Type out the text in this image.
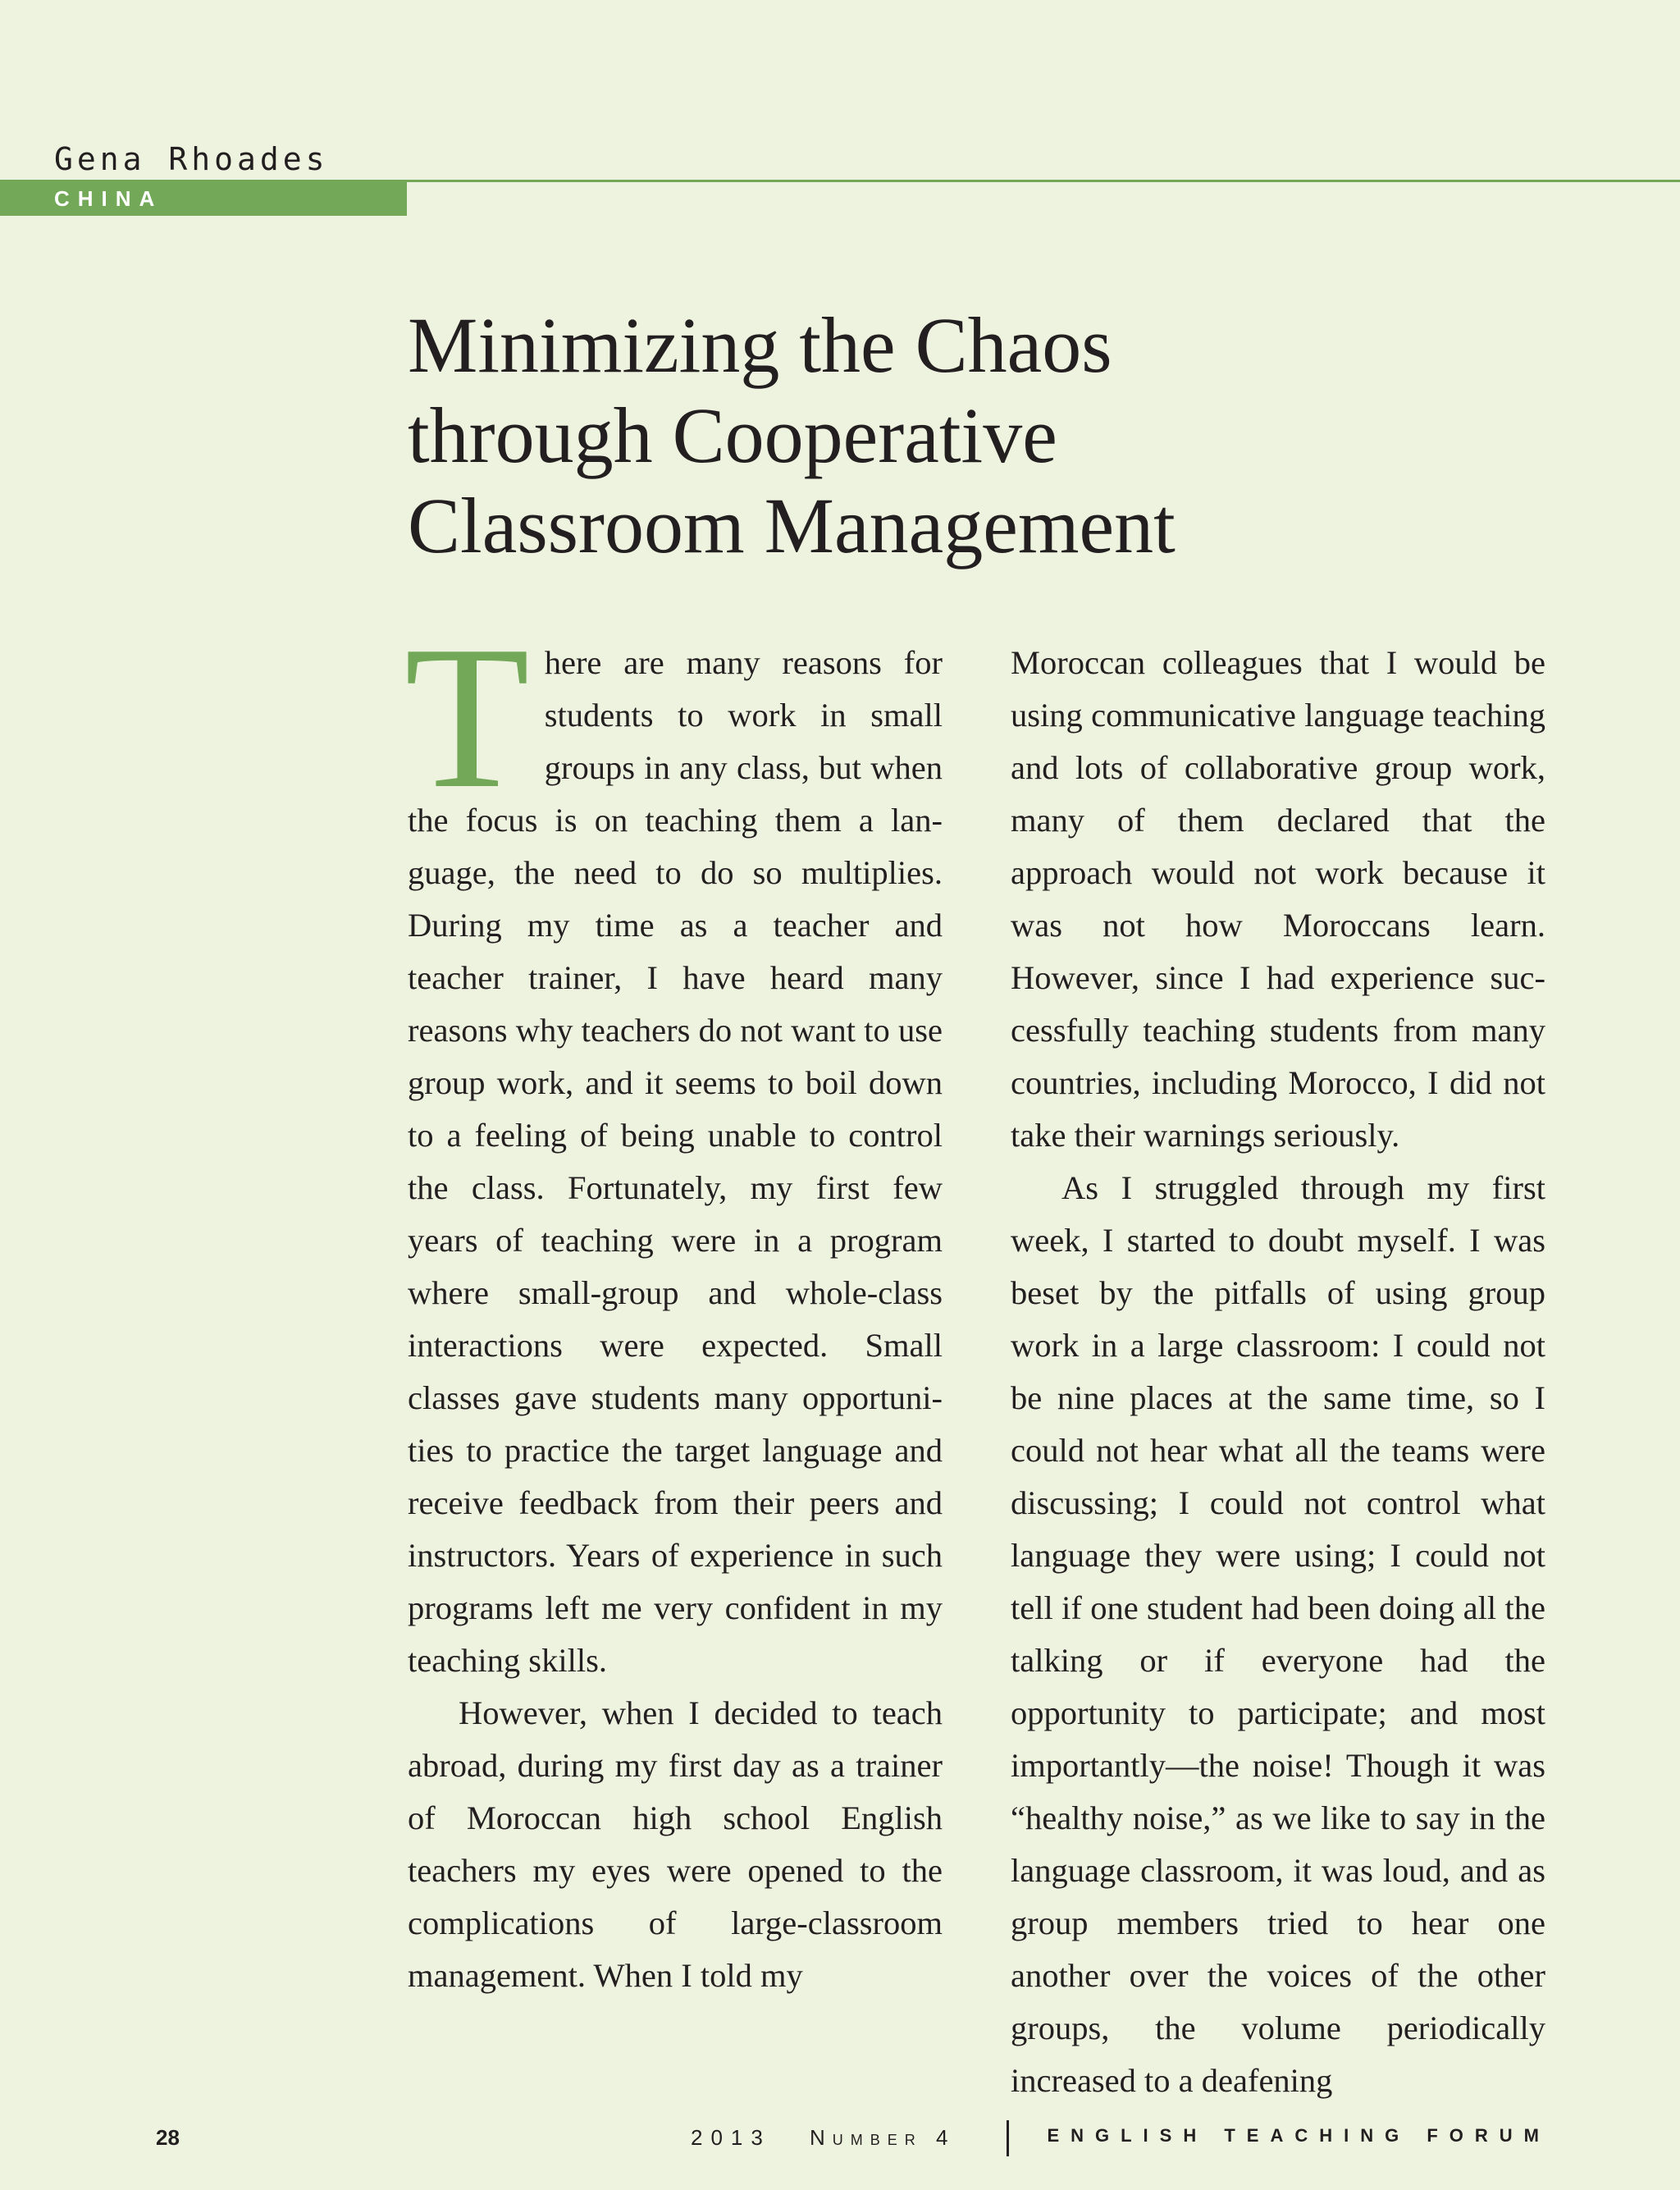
Gena Rhoades
CHINA
Minimizing the Chaos
through Cooperative
Classroom Management

There are many reasons for students to work in small groups in any class, but when the focus is on teaching them a language, the need to do so multiplies. During my time as a teacher and teacher trainer, I have heard many reasons why teachers do not want to use group work, and it seems to boil down to a feeling of being unable to control the class. Fortunately, my first few years of teaching were in a program where small-group and whole-class interactions were expected. Small classes gave students many opportunities to practice the target language and receive feedback from their peers and instructors. Years of experience in such programs left me very confident in my teaching skills.

However, when I decided to teach abroad, during my first day as a trainer of Moroccan high school English teachers my eyes were opened to the complications of large-classroom management. When I told my

Moroccan colleagues that I would be using communicative language teaching and lots of collaborative group work, many of them declared that the approach would not work because it was not how Moroccans learn. However, since I had experience successfully teaching students from many countries, including Morocco, I did not take their warnings seriously.

As I struggled through my first week, I started to doubt myself. I was beset by the pitfalls of using group work in a large classroom: I could not be nine places at the same time, so I could not hear what all the teams were discussing; I could not control what language they were using; I could not tell if one student had been doing all the talking or if everyone had the opportunity to participate; and most importantly—the noise! Though it was “healthy noise,” as we like to say in the language classroom, it was loud, and as group members tried to hear one another over the voices of the other groups, the volume periodically increased to a deafening

28	2013 Number 4	ENGLISH TEACHING FORUM
